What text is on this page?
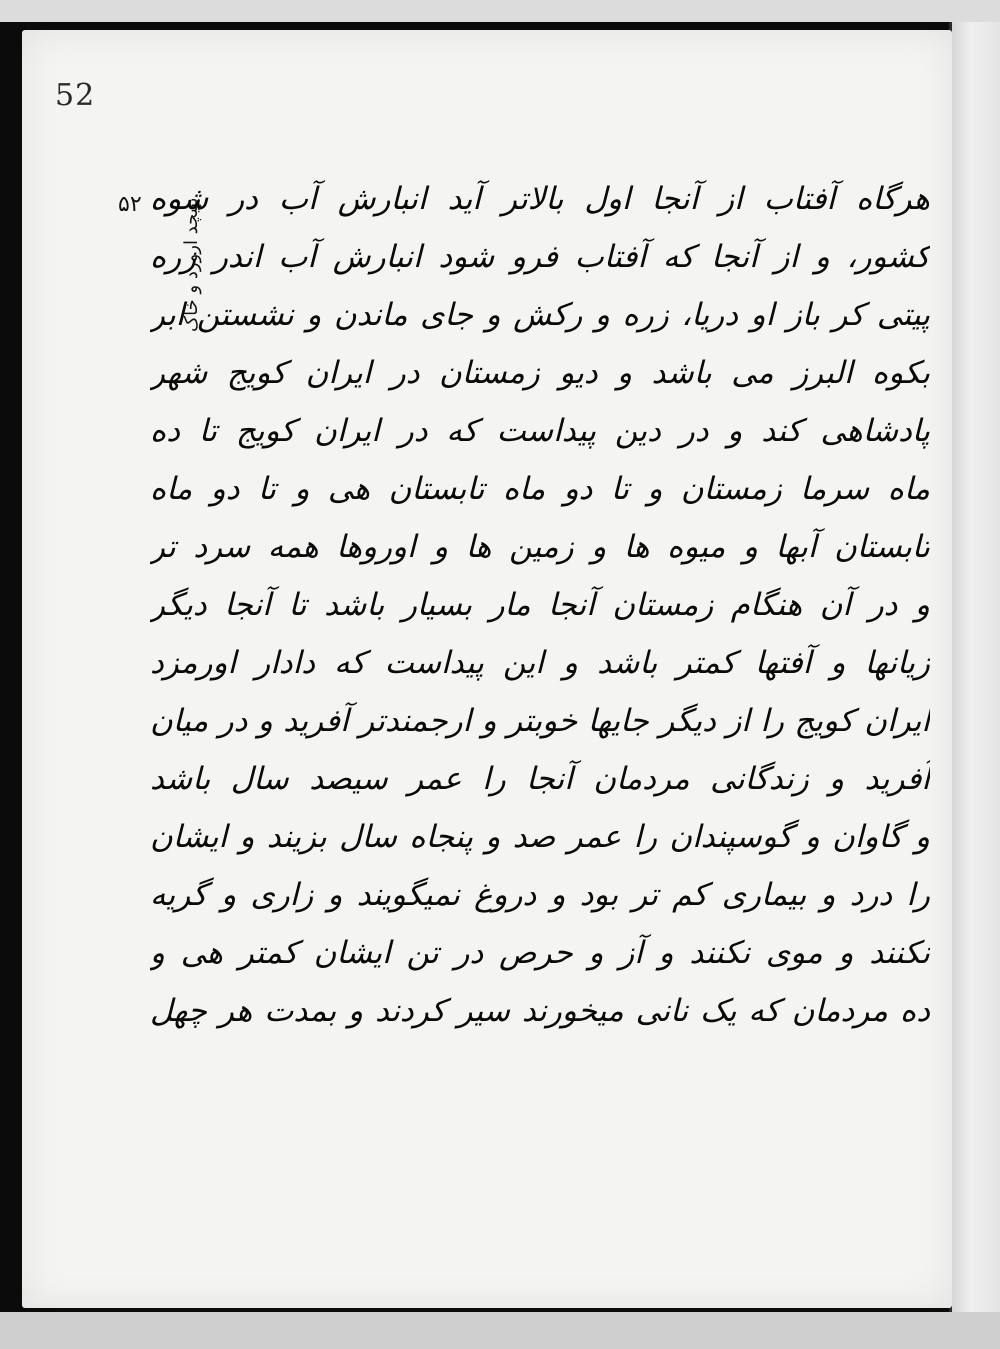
52
۵۲	بپیچد ارورد و خاک
هرگاه آفتاب از آنجا اول بالاتر آید انبارش آب در شوه
کشور، و از آنجا که آفتاب فرو شود انبارش آب اندر زره
پیتی کر باز او دریا، زره و رکش و جای ماندن و نشستن ابر
بکوه البرز می باشد و دیو زمستان در ایران کویج شهر
پادشاهی کند و در دین پیداست که در ایران کویج تا ده
ماه سرما زمستان و تا دو ماه تابستان هی و تا دو ماه
تابستان آبها و میوه ها و زمین ها و اوروها همه سرد تر
و در آن هنگام زمستان آنجا مار بسیار باشد تا آنجا دیگر
زیانها و آفتها کمتر باشد و این پیداست که دادار اورمزد
ایران کویج را از دیگر جایها خوبتر و ارجمندتر آفرید و در میان
آفرید و زندگانی مردمان آنجا را عمر سیصد سال باشد
و گاوان و گوسپندان را عمر صد و پنجاه سال بزیند و ایشان
را درد و بیماری کم تر بود و دروغ نمیگویند و زاری و گریه
نکنند و موی نکنند و آز و حرص در تن ایشان کمتر هی و
ده مردمان که یک نانی میخورند سیر کردند و بمدت هر چهل
